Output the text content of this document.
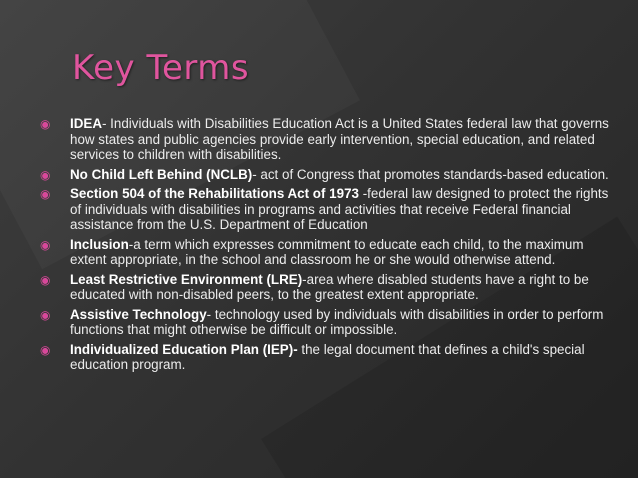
Key Terms
◉ IDEA- Individuals with Disabilities Education Act is a United States federal law that governs how states and public agencies provide early intervention, special education, and related services to children with disabilities.
◉ No Child Left Behind (NCLB)- act of Congress that promotes standards-based education.
◉ Section 504 of the Rehabilitations Act of 1973 -federal law designed to protect the rights of individuals with disabilities in programs and activities that receive Federal financial assistance from the U.S. Department of Education
◉ Inclusion-a term which expresses commitment to educate each child, to the maximum extent appropriate, in the school and classroom he or she would otherwise attend.
◉ Least Restrictive Environment (LRE)-area where disabled students have a right to be educated with non-disabled peers, to the greatest extent appropriate.
◉ Assistive Technology- technology used by individuals with disabilities in order to perform functions that might otherwise be difficult or impossible.
◉ Individualized Education Plan (IEP)- the legal document that defines a child's special education program.
